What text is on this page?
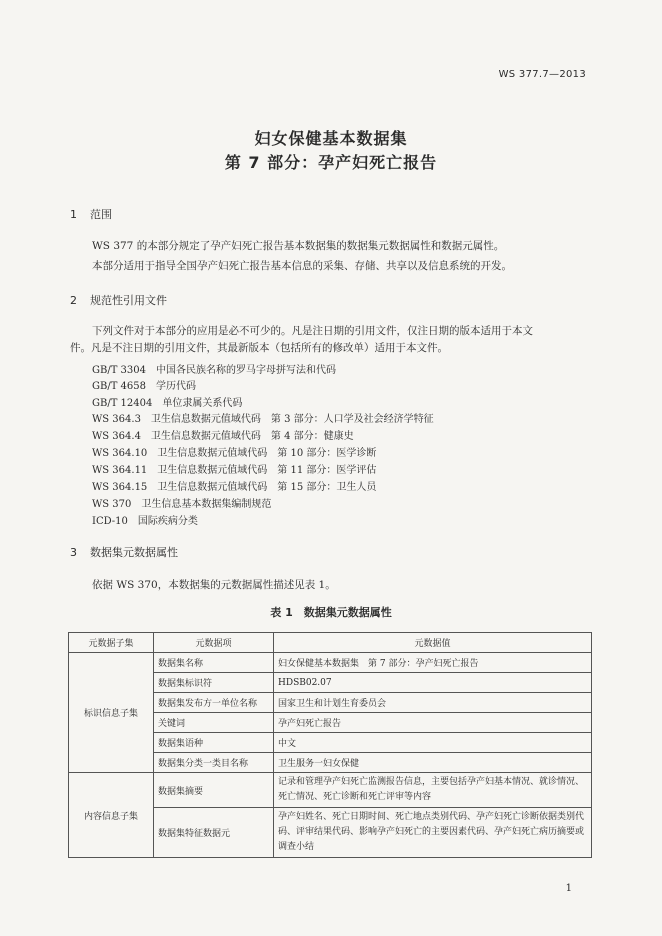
WS 377.7—2013
妇女保健基本数据集
第 7 部分：孕产妇死亡报告
1 范围
WS 377 的本部分规定了孕产妇死亡报告基本数据集的数据集元数据属性和数据元属性。
本部分适用于指导全国孕产妇死亡报告基本信息的采集、存储、共享以及信息系统的开发。
2 规范性引用文件
下列文件对于本部分的应用是必不可少的。凡是注日期的引用文件，仅注日期的版本适用于本文
件。凡是不注日期的引用文件，其最新版本（包括所有的修改单）适用于本文件。
GB/T 3304　中国各民族名称的罗马字母拼写法和代码
GB/T 4658　学历代码
GB/T 12404　单位隶属关系代码
WS 364.3　卫生信息数据元值域代码　第 3 部分：人口学及社会经济学特征
WS 364.4　卫生信息数据元值域代码　第 4 部分：健康史
WS 364.10　卫生信息数据元值域代码　第 10 部分：医学诊断
WS 364.11　卫生信息数据元值域代码　第 11 部分：医学评估
WS 364.15　卫生信息数据元值域代码　第 15 部分：卫生人员
WS 370　卫生信息基本数据集编制规范
ICD-10　国际疾病分类
3 数据集元数据属性
依据 WS 370，本数据集的元数据属性描述见表 1。
表 1　数据集元数据属性
元数据子集	元数据项	元数据值
标识信息子集	数据集名称	妇女保健基本数据集　第 7 部分：孕产妇死亡报告
	数据集标识符	HDSB02.07
	数据集发布方一单位名称	国家卫生和计划生育委员会
	关键词	孕产妇死亡报告
	数据集语种	中文
	数据集分类一类目名称	卫生服务一妇女保健
内容信息子集	数据集摘要	记录和管理孕产妇死亡监测报告信息，主要包括孕产妇基本情况、就诊情况、死亡情况、死亡诊断和死亡评审等内容
	数据集特征数据元	孕产妇姓名、死亡日期时间、死亡地点类别代码、孕产妇死亡诊断依据类别代码、评审结果代码、影响孕产妇死亡的主要因素代码、孕产妇死亡病历摘要或调查小结
1
